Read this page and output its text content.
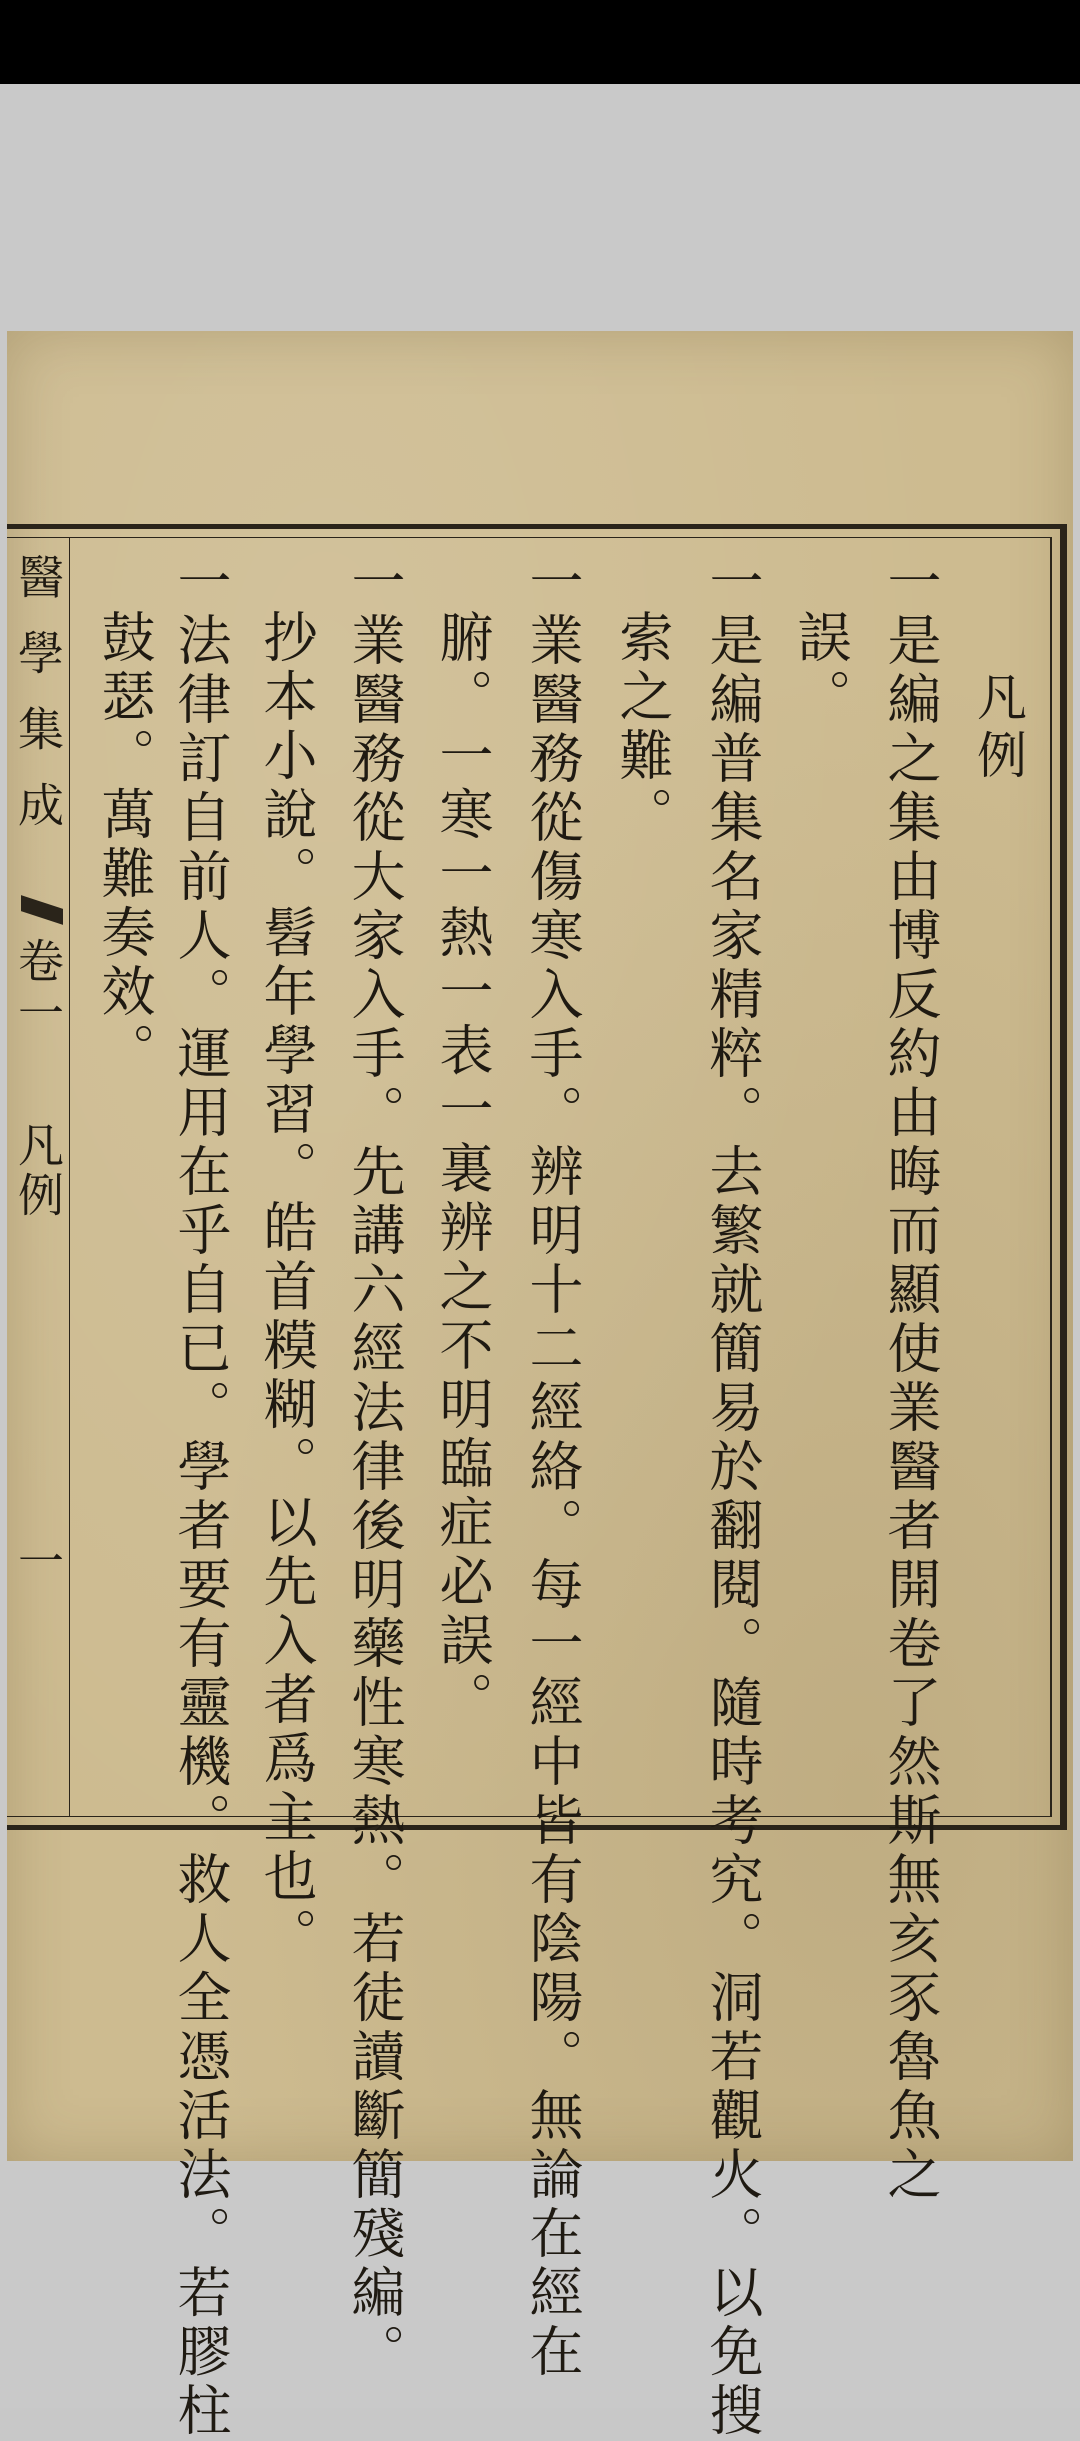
凡例
一是編之集由博反約由晦而顯使業醫者開卷了然斯無亥豕魯魚之
誤。
一是編普集名家精粹。去繁就簡易於翻閱。隨時考究。洞若觀火。以免搜
索之難。
一業醫務從傷寒入手。辨明十二經絡。每一經中皆有陰陽。無論在經在
腑。一寒一熱一表一裏辨之不明臨症必誤。
一業醫務從大家入手。先講六經法律後明藥性寒熱。若徒讀斷簡殘編。
抄本小說。髫年學習。皓首糢糊。以先入者爲主也。
一法律訂自前人。運用在乎自已。學者要有靈機。救人全憑活法。若膠柱
鼓瑟。萬難奏效。
醫學集成
卷一
凡例
一
